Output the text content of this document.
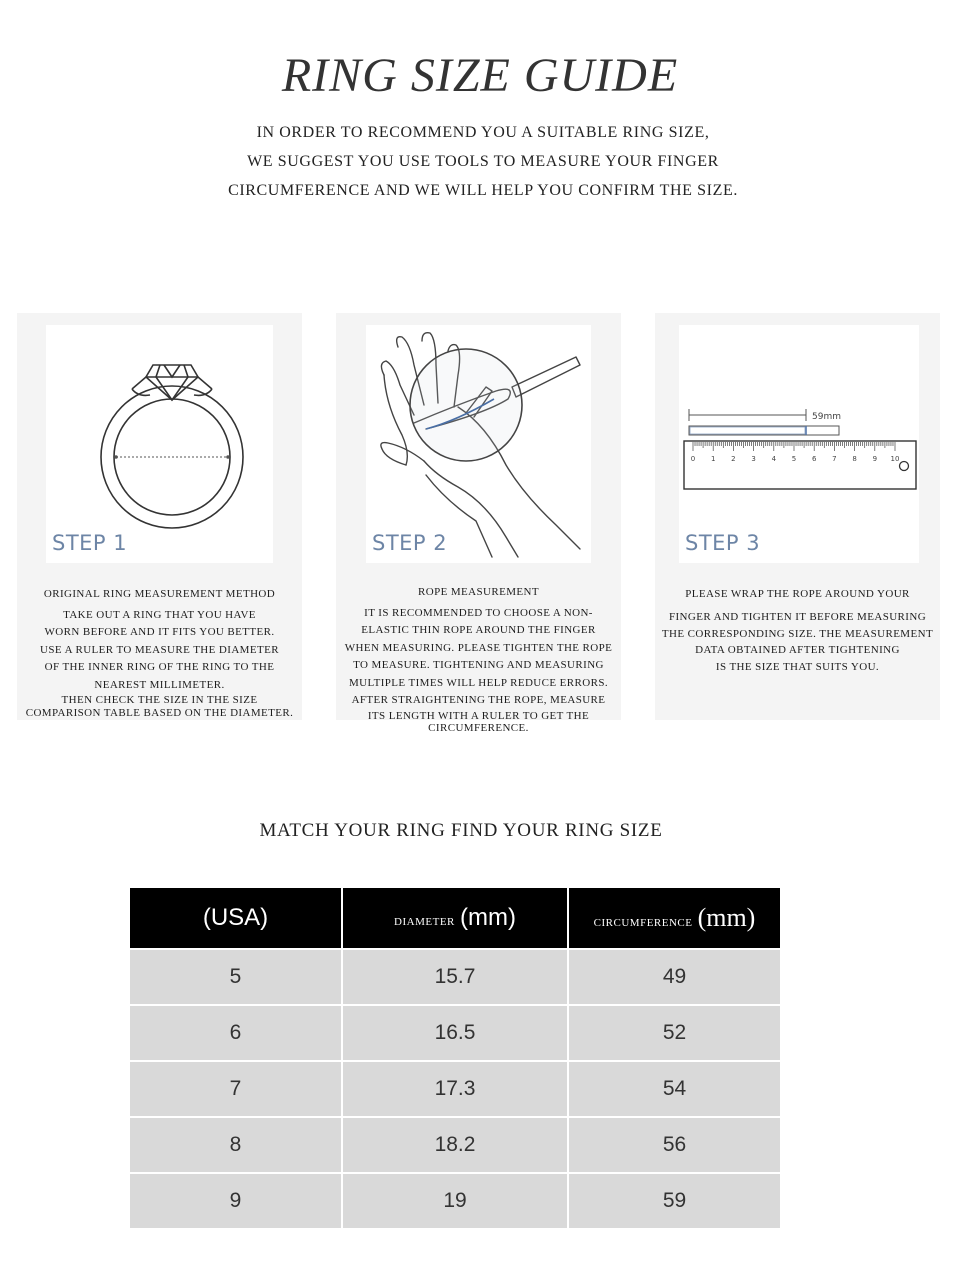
RING SIZE GUIDE
IN ORDER TO RECOMMEND YOU A SUITABLE RING SIZE,
WE SUGGEST YOU USE TOOLS TO MEASURE YOUR FINGER
CIRCUMFERENCE AND WE WILL HELP YOU CONFIRM THE SIZE.
STEP 1
ORIGINAL RING MEASUREMENT METHOD
TAKE OUT A RING THAT YOU HAVE
WORN BEFORE AND IT FITS YOU BETTER.
USE A RULER TO MEASURE THE DIAMETER
OF THE INNER RING OF THE RING TO THE
NEAREST MILLIMETER.
THEN CHECK THE SIZE IN THE SIZE
COMPARISON TABLE BASED ON THE DIAMETER.
STEP 2
ROPE MEASUREMENT
IT IS RECOMMENDED TO CHOOSE A NON-
ELASTIC THIN ROPE AROUND THE FINGER
WHEN MEASURING. PLEASE TIGHTEN THE ROPE
TO MEASURE. TIGHTENING AND MEASURING
MULTIPLE TIMES WILL HELP REDUCE ERRORS.
AFTER STRAIGHTENING THE ROPE, MEASURE
ITS LENGTH WITH A RULER TO GET THE
CIRCUMFERENCE.
59mm
0 1 2 3 4 5 6 7 8 9 10
STEP 3
PLEASE WRAP THE ROPE AROUND YOUR
FINGER AND TIGHTEN IT BEFORE MEASURING
THE CORRESPONDING SIZE. THE MEASUREMENT
DATA OBTAINED AFTER TIGHTENING
IS THE SIZE THAT SUITS YOU.
MATCH YOUR RING FIND YOUR RING SIZE
(USA)	DIAMETER (mm)	CIRCUMFERENCE (mm)
5	15.7	49
6	16.5	52
7	17.3	54
8	18.2	56
9	19	59
